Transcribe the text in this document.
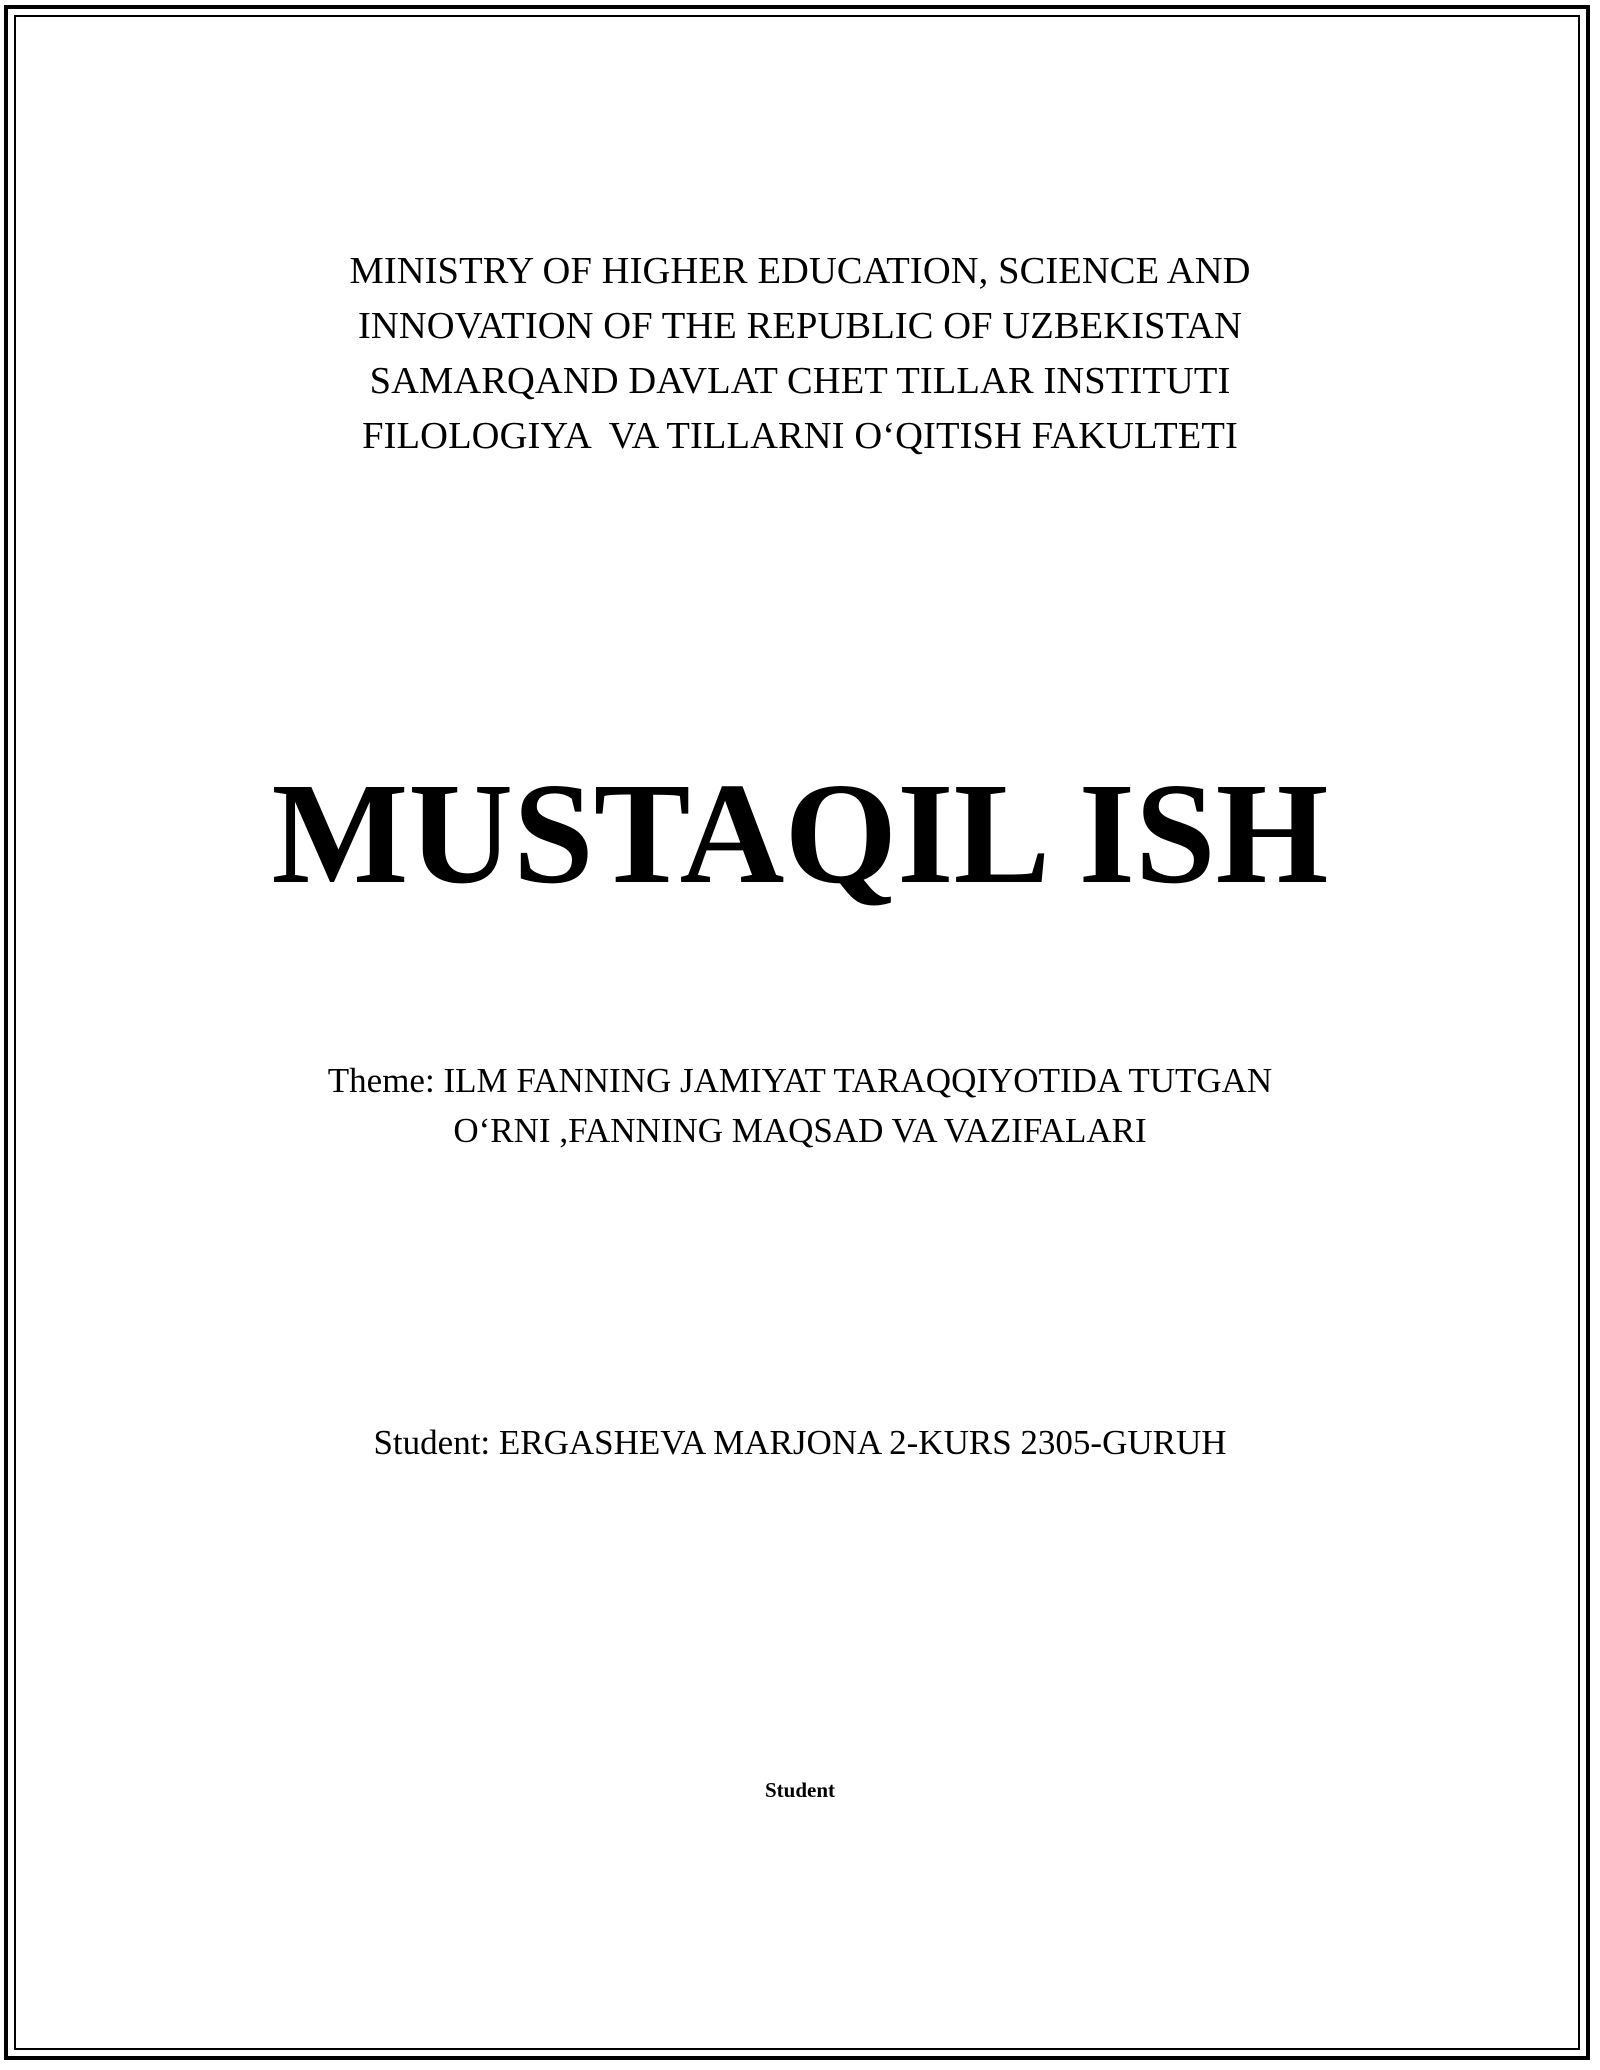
MINISTRY OF HIGHER EDUCATION, SCIENCE AND
INNOVATION OF THE REPUBLIC OF UZBEKISTAN
SAMARQAND DAVLAT CHET TILLAR INSTITUTI
FILOLOGIYA  VA TILLARNI O‘QITISH FAKULTETI
MUSTAQIL ISH
Theme: ILM FANNING JAMIYAT TARAQQIYOTIDA TUTGAN
O‘RNI ,FANNING MAQSAD VA VAZIFALARI
Student: ERGASHEVA MARJONA 2-KURS 2305-GURUH
Student
